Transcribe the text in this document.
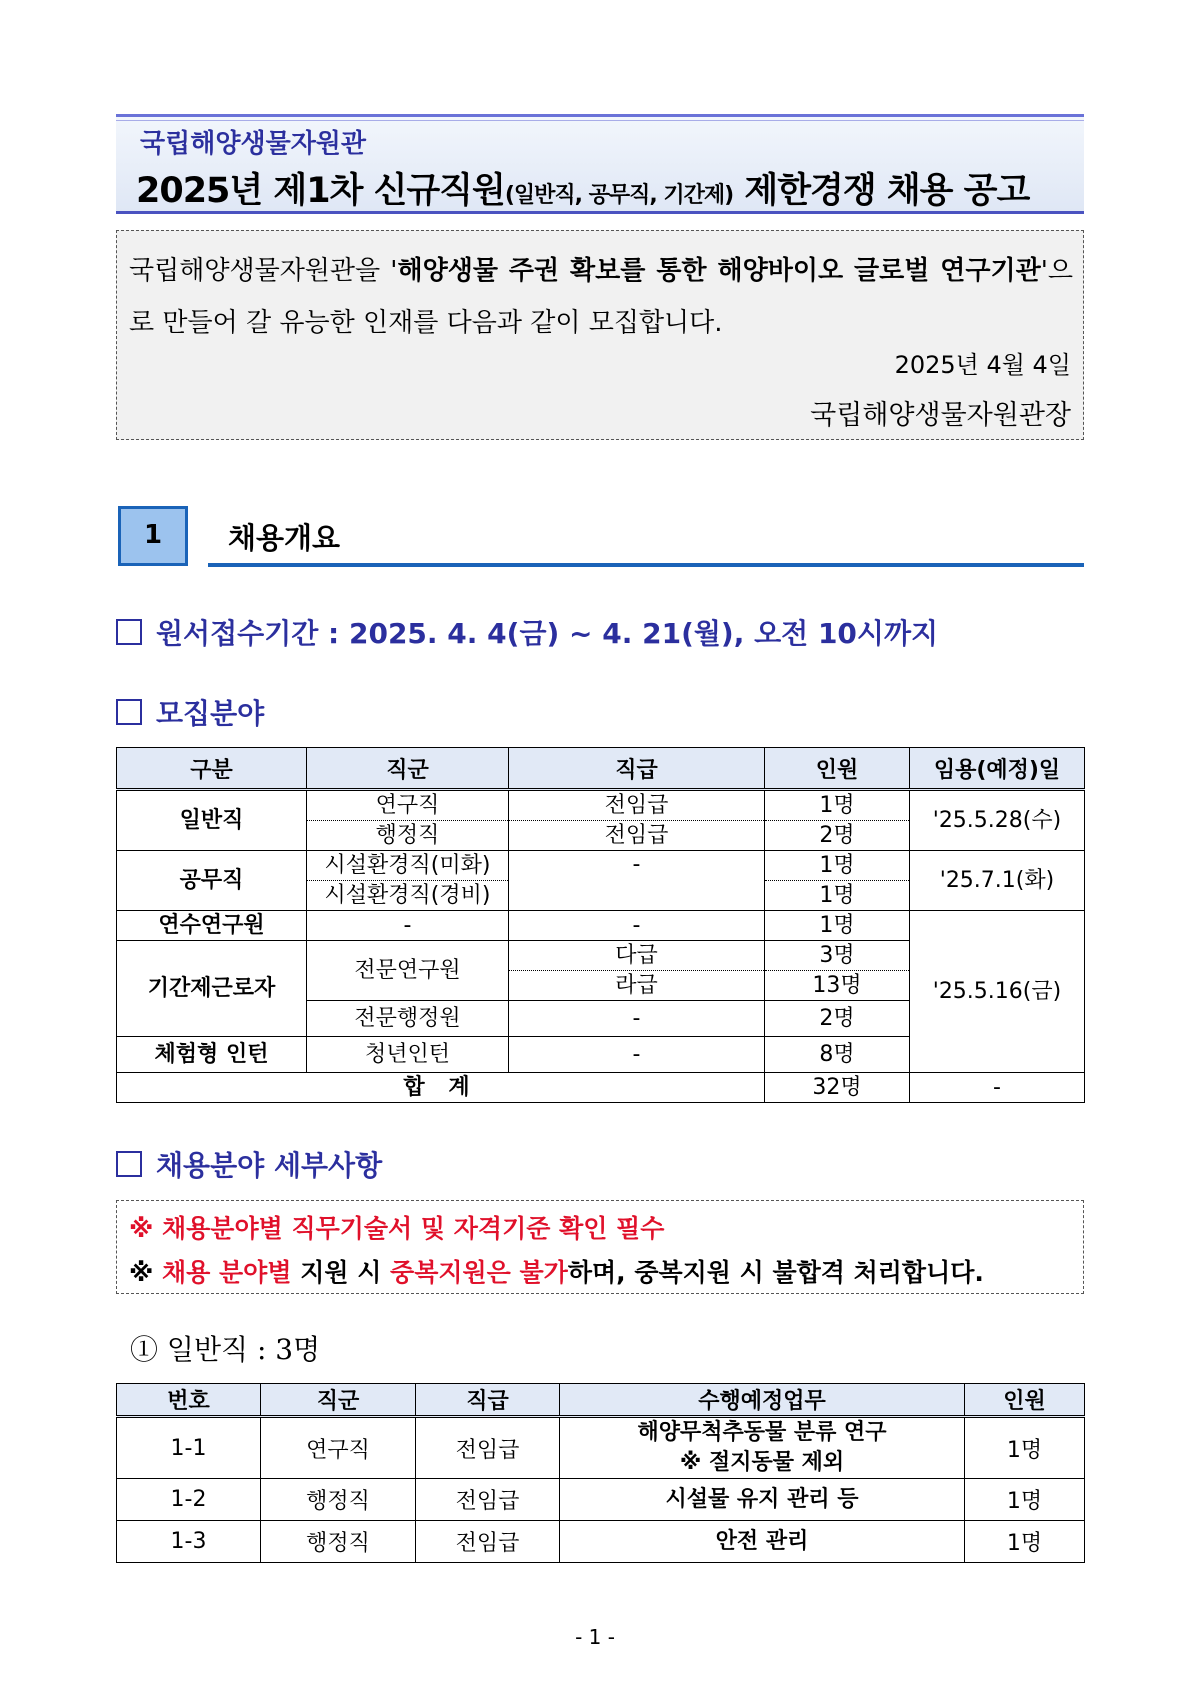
국립해양생물자원관
2025년 제1차 신규직원(일반직, 공무직, 기간제) 제한경쟁 채용 공고
국립해양생물자원관을 '해양생물 주권 확보를 통한 해양바이오 글로벌 연구기관'으로 만들어 갈 유능한 인재를 다음과 같이 모집합니다.
2025년 4월 4일
국립해양생물자원관장
1	채용개요
원서접수기간 : 2025. 4. 4(금) ~ 4. 21(월), 오전 10시까지
모집분야
구분	직군	직급	인원	임용(예정)일
일반직	연구직	전임급	1명	'25.5.28(수)
	행정직	전임급	2명	
공무직	시설환경직(미화)	-	1명	'25.7.1(화)
	시설환경직(경비)		1명	
연수연구원	-	-	1명	'25.5.16(금)
기간제근로자	전문연구원	다급	3명	
		라급	13명	
	전문행정원	-	2명	
체험형 인턴	청년인턴	-	8명	
합 계			32명	-
채용분야 세부사항
※ 채용분야별 직무기술서 및 자격기준 확인 필수
※ 채용 분야별 지원 시 중복지원은 불가하며, 중복지원 시 불합격 처리합니다.
① 일반직 : 3명
번호	직군	직급	수행예정업무	인원
1-1	연구직	전임급	해양무척추동물 분류 연구
※ 절지동물 제외	1명
1-2	행정직	전임급	시설물 유지 관리 등	1명
1-3	행정직	전임급	안전 관리	1명
- 1 -
